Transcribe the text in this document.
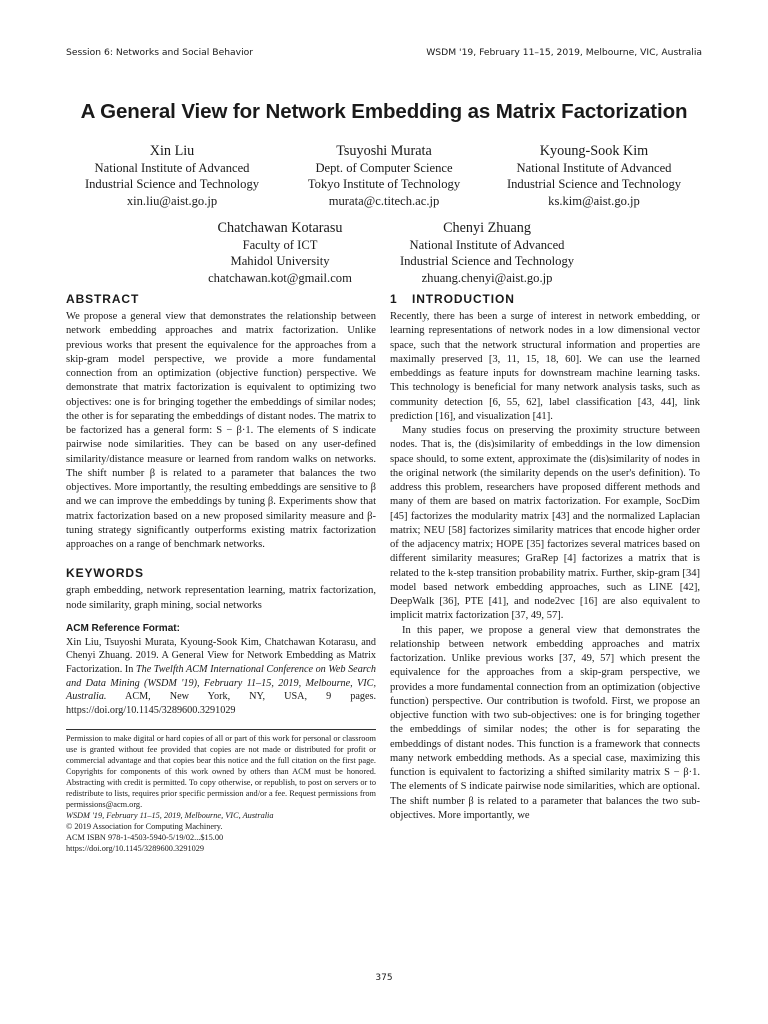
Session 6: Networks and Social Behavior	WSDM '19, February 11–15, 2019, Melbourne, VIC, Australia
A General View for Network Embedding as Matrix Factorization
Xin Liu
National Institute of Advanced
Industrial Science and Technology
xin.liu@aist.go.jp
Tsuyoshi Murata
Dept. of Computer Science
Tokyo Institute of Technology
murata@c.titech.ac.jp
Kyoung-Sook Kim
National Institute of Advanced
Industrial Science and Technology
ks.kim@aist.go.jp
Chatchawan Kotarasu
Faculty of ICT
Mahidol University
chatchawan.kot@gmail.com
Chenyi Zhuang
National Institute of Advanced
Industrial Science and Technology
zhuang.chenyi@aist.go.jp
ABSTRACT

We propose a general view that demonstrates the relationship between network embedding approaches and matrix factorization. Unlike previous works that present the equivalence for the approaches from a skip-gram model perspective, we provide a more fundamental connection from an optimization (objective function) perspective. We demonstrate that matrix factorization is equivalent to optimizing two objectives: one is for bringing together the embeddings of similar nodes; the other is for separating the embeddings of distant nodes. The matrix to be factorized has a general form: S − β·1. The elements of S indicate pairwise node similarities. They can be based on any user-defined similarity/distance measure or learned from random walks on networks. The shift number β is related to a parameter that balances the two objectives. More importantly, the resulting embeddings are sensitive to β and we can improve the embeddings by tuning β. Experiments show that matrix factorization based on a new proposed similarity measure and β-tuning strategy significantly outperforms existing matrix factorization approaches on a range of benchmark networks.

KEYWORDS

graph embedding, network representation learning, matrix factorization, node similarity, graph mining, social networks

ACM Reference Format:

Xin Liu, Tsuyoshi Murata, Kyoung-Sook Kim, Chatchawan Kotarasu, and Chenyi Zhuang. 2019. A General View for Network Embedding as Matrix Factorization. In The Twelfth ACM International Conference on Web Search and Data Mining (WSDM '19), February 11–15, 2019, Melbourne, VIC, Australia. ACM, New York, NY, USA, 9 pages. https://doi.org/10.1145/3289600.3291029

Permission to make digital or hard copies of all or part of this work for personal or classroom use is granted without fee provided that copies are not made or distributed for profit or commercial advantage and that copies bear this notice and the full citation on the first page. Copyrights for components of this work owned by others than ACM must be honored. Abstracting with credit is permitted. To copy otherwise, or republish, to post on servers or to redistribute to lists, requires prior specific permission and/or a fee. Request permissions from permissions@acm.org.

WSDM '19, February 11–15, 2019, Melbourne, VIC, Australia
© 2019 Association for Computing Machinery.
ACM ISBN 978-1-4503-5940-5/19/02...$15.00
https://doi.org/10.1145/3289600.3291029
1 INTRODUCTION

Recently, there has been a surge of interest in network embedding, or learning representations of network nodes in a low dimensional vector space, such that the network structural information and properties are maximally preserved [3, 11, 15, 18, 60]. We can use the learned embeddings as feature inputs for downstream machine learning tasks. This technology is beneficial for many network analysis tasks, such as community detection [6, 55, 62], label classification [43, 44], link prediction [16], and visualization [41].

Many studies focus on preserving the proximity structure between nodes. That is, the (dis)similarity of embeddings in the low dimension space should, to some extent, approximate the (dis)similarity of nodes in the original network (the similarity depends on the user's definition). To address this problem, researchers have proposed different methods and many of them are based on matrix factorization. For example, SocDim [45] factorizes the modularity matrix [43] and the normalized Laplacian matrix; NEU [58] factorizes similarity matrices that encode higher order of the adjacency matrix; HOPE [35] factorizes several matrices based on different similarity measures; GraRep [4] factorizes a matrix that is related to the k-step transition probability matrix. Further, skip-gram [34] model based network embedding approaches, such as LINE [42], DeepWalk [36], PTE [41], and node2vec [16] are also equivalent to implicit matrix factorization [37, 49, 57].

In this paper, we propose a general view that demonstrates the relationship between network embedding approaches and matrix factorization. Unlike previous works [37, 49, 57] which present the equivalence for the approaches from a skip-gram perspective, we provides a more fundamental connection from an optimization (objective function) perspective. Our contribution is twofold. First, we propose an objective function with two sub-objectives: one is for bringing together the embeddings of similar nodes; the other is for separating the embeddings of distant nodes. This function is a framework that connects many network embedding methods. As a special case, maximizing this function is equivalent to factorizing a shifted similarity matrix S − β·1. The elements of S indicate pairwise node similarities, which are optional. The shift number β is related to a parameter that balances the two sub-objectives. More importantly, we

375
